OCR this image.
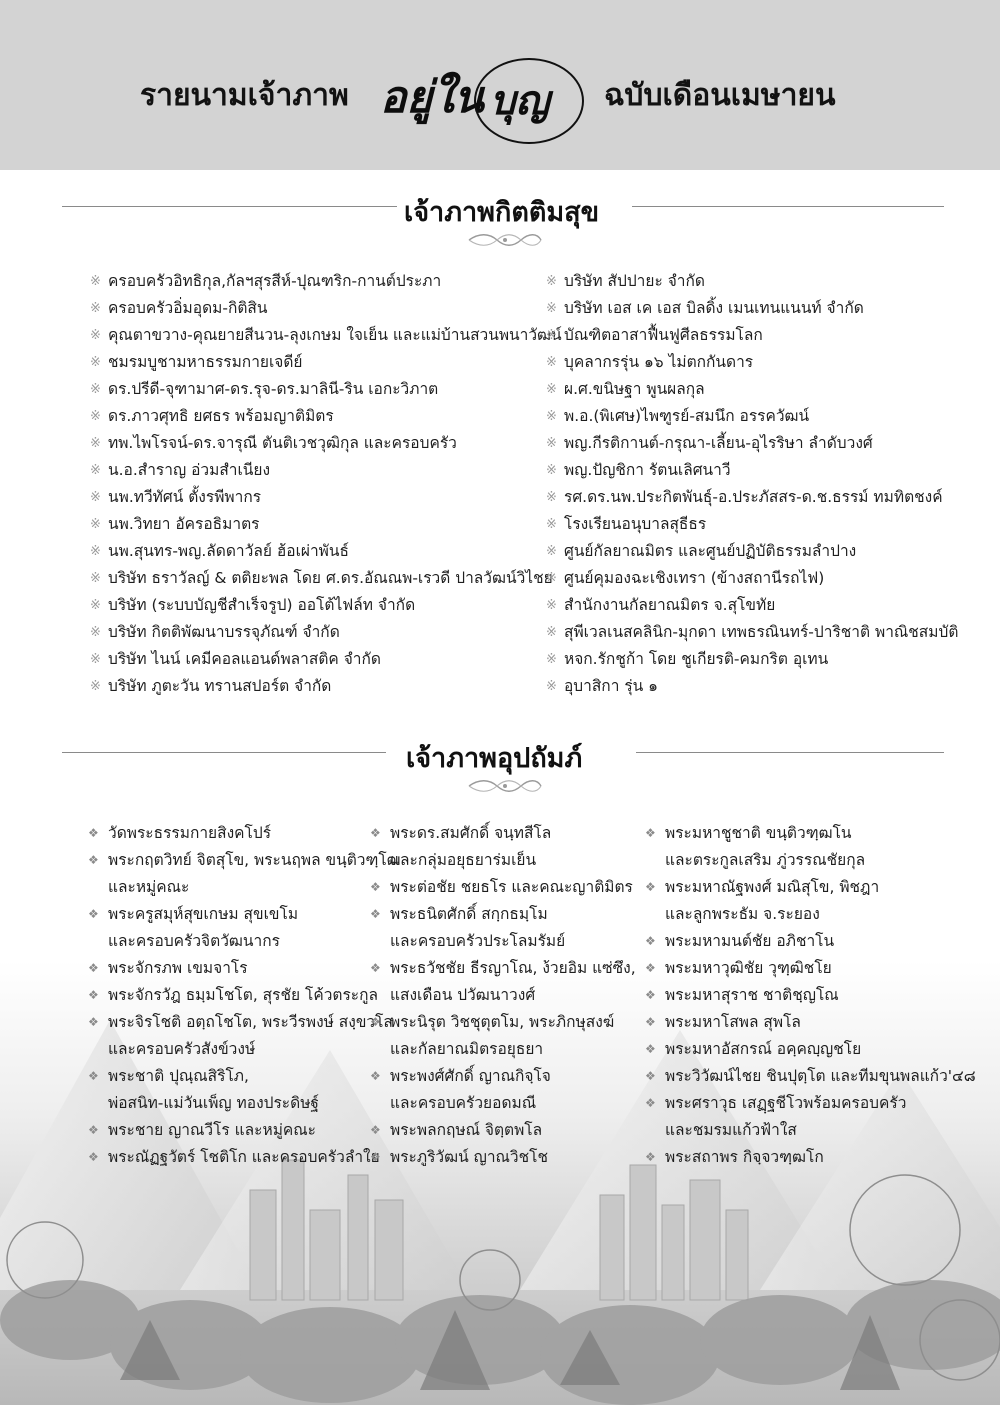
รายนามเจ้าภาพ อยู่ใน บุญ ฉบับเดือนเมษายน
เจ้าภาพกิตติมสุข
※ ครอบครัวอิทธิกุล,กัลฯสุรสีห์-ปุณฑริก-กานต์ประภา
※ ครอบครัวอิ่มอุดม-กิติสิน
※ คุณตาขวาง-คุณยายสีนวน-ลุงเกษม ใจเย็น และแม่บ้านสวนพนาวัฒน์
※ ชมรมบูชามหาธรรมกายเจดีย์
※ ดร.ปรีดี-จุฑามาศ-ดร.รุจ-ดร.มาลินี-ริน เอกะวิภาต
※ ดร.ภาวศุทธิ ยศธร พร้อมญาติมิตร
※ ทพ.ไพโรจน์-ดร.จารุณี ตันติเวชวุฒิกุล และครอบครัว
※ น.อ.สำราญ อ่วมสำเนียง
※ นพ.ทวีทัศน์ ตั้งรพีพากร
※ นพ.วิทยา อัครอธิมาตร
※ นพ.สุนทร-พญ.ลัดดาวัลย์ ฮ้อเผ่าพันธ์
※ บริษัท ธราวัลญ์ & ตติยะพล โดย ศ.ดร.อัณณพ-เรวดี ปาลวัฒน์วิไชย
※ บริษัท (ระบบบัญชีสำเร็จรูป) ออโต้ไฟล์ท จำกัด
※ บริษัท กิตติพัฒนาบรรจุภัณฑ์ จำกัด
※ บริษัท ไนน์ เคมีคอลแอนด์พลาสติค จำกัด
※ บริษัท ภูตะวัน ทรานสปอร์ต จำกัด
※ บริษัท สัปปายะ จำกัด
※ บริษัท เอส เค เอส บิลดิ้ง เมนเทนแนนท์ จำกัด
※ บัณฑิตอาสาฟื้นฟูศีลธรรมโลก
※ บุคลากรรุ่น ๑๖ ไม่ตกกันดาร
※ ผ.ศ.ขนิษฐา พูนผลกุล
※ พ.อ.(พิเศษ)ไพฑูรย์-สมนึก อรรควัฒน์
※ พญ.กีรติกานต์-กรุณา-เลี้ยน-อุไรริษา ลำดับวงศ์
※ พญ.ปัญชิกา รัตนเลิศนาวี
※ รศ.ดร.นพ.ประกิตพันธุ์-อ.ประภัสสร-ด.ช.ธรรม์ ทมทิตชงค์
※ โรงเรียนอนุบาลสุธีธร
※ ศูนย์กัลยาณมิตร และศูนย์ปฏิบัติธรรมลำปาง
※ ศูนย์คุมองฉะเชิงเทรา (ข้างสถานีรถไฟ)
※ สำนักงานกัลยาณมิตร จ.สุโขทัย
※ สุพีเวลเนสคลินิก-มุกดา เทพธรณินทร์-ปาริชาติ พาณิชสมบัติ
※ หจก.รักชูก้า โดย ชูเกียรติ-คมกริต อุเทน
※ อุบาสิกา รุ่น ๑
เจ้าภาพอุปถัมภ์
❖ วัดพระธรรมกายสิงคโปร์
❖ พระกฤตวิทย์ จิตสุโข, พระนฤพล ขนฺติวฑฺโฒ
และหมู่คณะ
❖ พระครูสมุห์สุขเกษม สุขเขโม
และครอบครัวจิตวัฒนากร
❖ พระจักรภพ เขมจาโร
❖ พระจักรวัฎ ธมฺมโชโต, สุรชัย โค้วตระกูล
❖ พระจิรโชติ อตฺถโชโต, พระวีรพงษ์ สงฺขวโส
และครอบครัวสังข์วงษ์
❖ พระชาติ ปุณฺณสิริโภ,
พ่อสนิท-แม่วันเพ็ญ ทองประดิษฐ์
❖ พระชาย ญาณวีโร และหมู่คณะ
❖ พระณัฏฐวัตร์ โชติโก และครอบครัวลำใย
❖ พระดร.สมศักดิ์ จนฺทสีโล
และกลุ่มอยุธยาร่มเย็น
❖ พระต่อชัย ชยธโร และคณะญาติมิตร
❖ พระธนิตศักดิ์ สกฺกธมฺโม
และครอบครัวประโลมรัมย์
❖ พระธวัชชัย ธีรญาโณ, ง้วยอิม แซ่ซึง,
แสงเดือน ปวัฒนาวงศ์
❖ พระนิรุต วิชชุตุตโม, พระภิกษุสงฆ์
และกัลยาณมิตรอยุธยา
❖ พระพงศ์ศักดิ์ ญาณกิจฺโจ
และครอบครัวยอดมณี
❖ พระพลกฤษณ์ จิตฺตพโล
❖ พระภูริวัฒน์ ญาณวิชโช
❖ พระมหาชูชาติ ขนฺติวฑฺฒโน
และตระกูลเสริม ภู่วรรณชัยกุล
❖ พระมหาณัฐพงศ์ มณิสุโข, พิชฎา
และลูกพระธัม จ.ระยอง
❖ พระมหามนต์ชัย อภิชาโน
❖ พระมหาวุฒิชัย วุฑฺฒิชโย
❖ พระมหาสุราช ชาติชฺญโณ
❖ พระมหาโสพล สุพโล
❖ พระมหาอัสกรณ์ อคฺคญฺญชโย
❖ พระวิวัฒน์ไชย ชินปุตฺโต และทีมขุนพลแก้ว'๔๘
❖ พระศราวุธ เสฏฺฐชีโวพร้อมครอบครัว
และชมรมแก้วฟ้าใส
❖ พระสถาพร กิจฺจวฑฺฒโก
